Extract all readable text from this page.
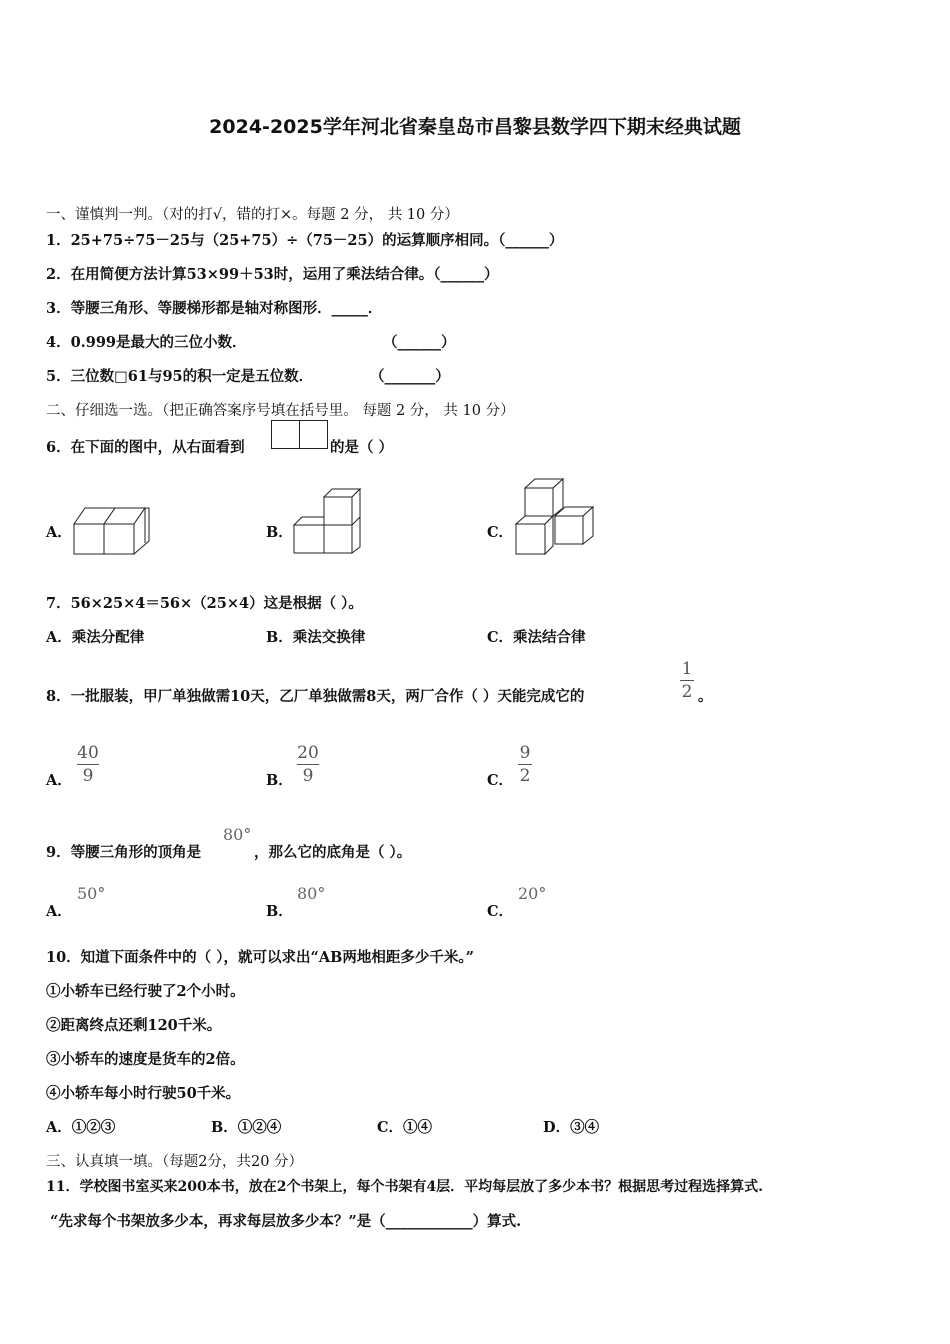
2024-2025学年河北省秦皇岛市昌黎县数学四下期末经典试题
一、谨慎判一判。（对的打√，错的打×。每题 2 分， 共 10 分）
1．25+75÷75－25与（25+75）÷（75－25）的运算顺序相同。（______）
2．在用简便方法计算53×99＋53时，运用了乘法结合律。（______）
3．等腰三角形、等腰梯形都是轴对称图形．_____．
4．0.999是最大的三位小数．	（______）
5．三位数□61与95的积一定是五位数．	（_______）
二、仔细选一选。（把正确答案序号填在括号里。 每题 2 分， 共 10 分）
6．在下面的图中，从右面看到	的是（ ）
A．	B．	C．
7．56×25×4＝56×（25×4）这是根据（ ）。
A．乘法分配律	B．乘法交换律	C．乘法结合律
8．一批服装，甲厂单独做需10天，乙厂单独做需8天，两厂合作（ ）天能完成它的
1
2 。
A．
40
9	B．
20
9	C．
9
2
9．等腰三角形的顶角是
80°
，那么它的底角是（ ）。
A．
50°
B．
80°
C．
20°
10．知道下面条件中的（ ），就可以求出“AB两地相距多少千米。”
①小轿车已经行驶了2个小时。
②距离终点还剩120千米。
③小轿车的速度是货车的2倍。
④小轿车每小时行驶50千米。
A．①②③	B．①②④	C．①④	D．③④
三、认真填一填。（每题2分，共20 分）
11．学校图书室买来200本书，放在2个书架上，每个书架有4层．平均每层放了多少本书？根据思考过程选择算式.
“先求每个书架放多少本，再求每层放多少本？”是（____________）算式.
